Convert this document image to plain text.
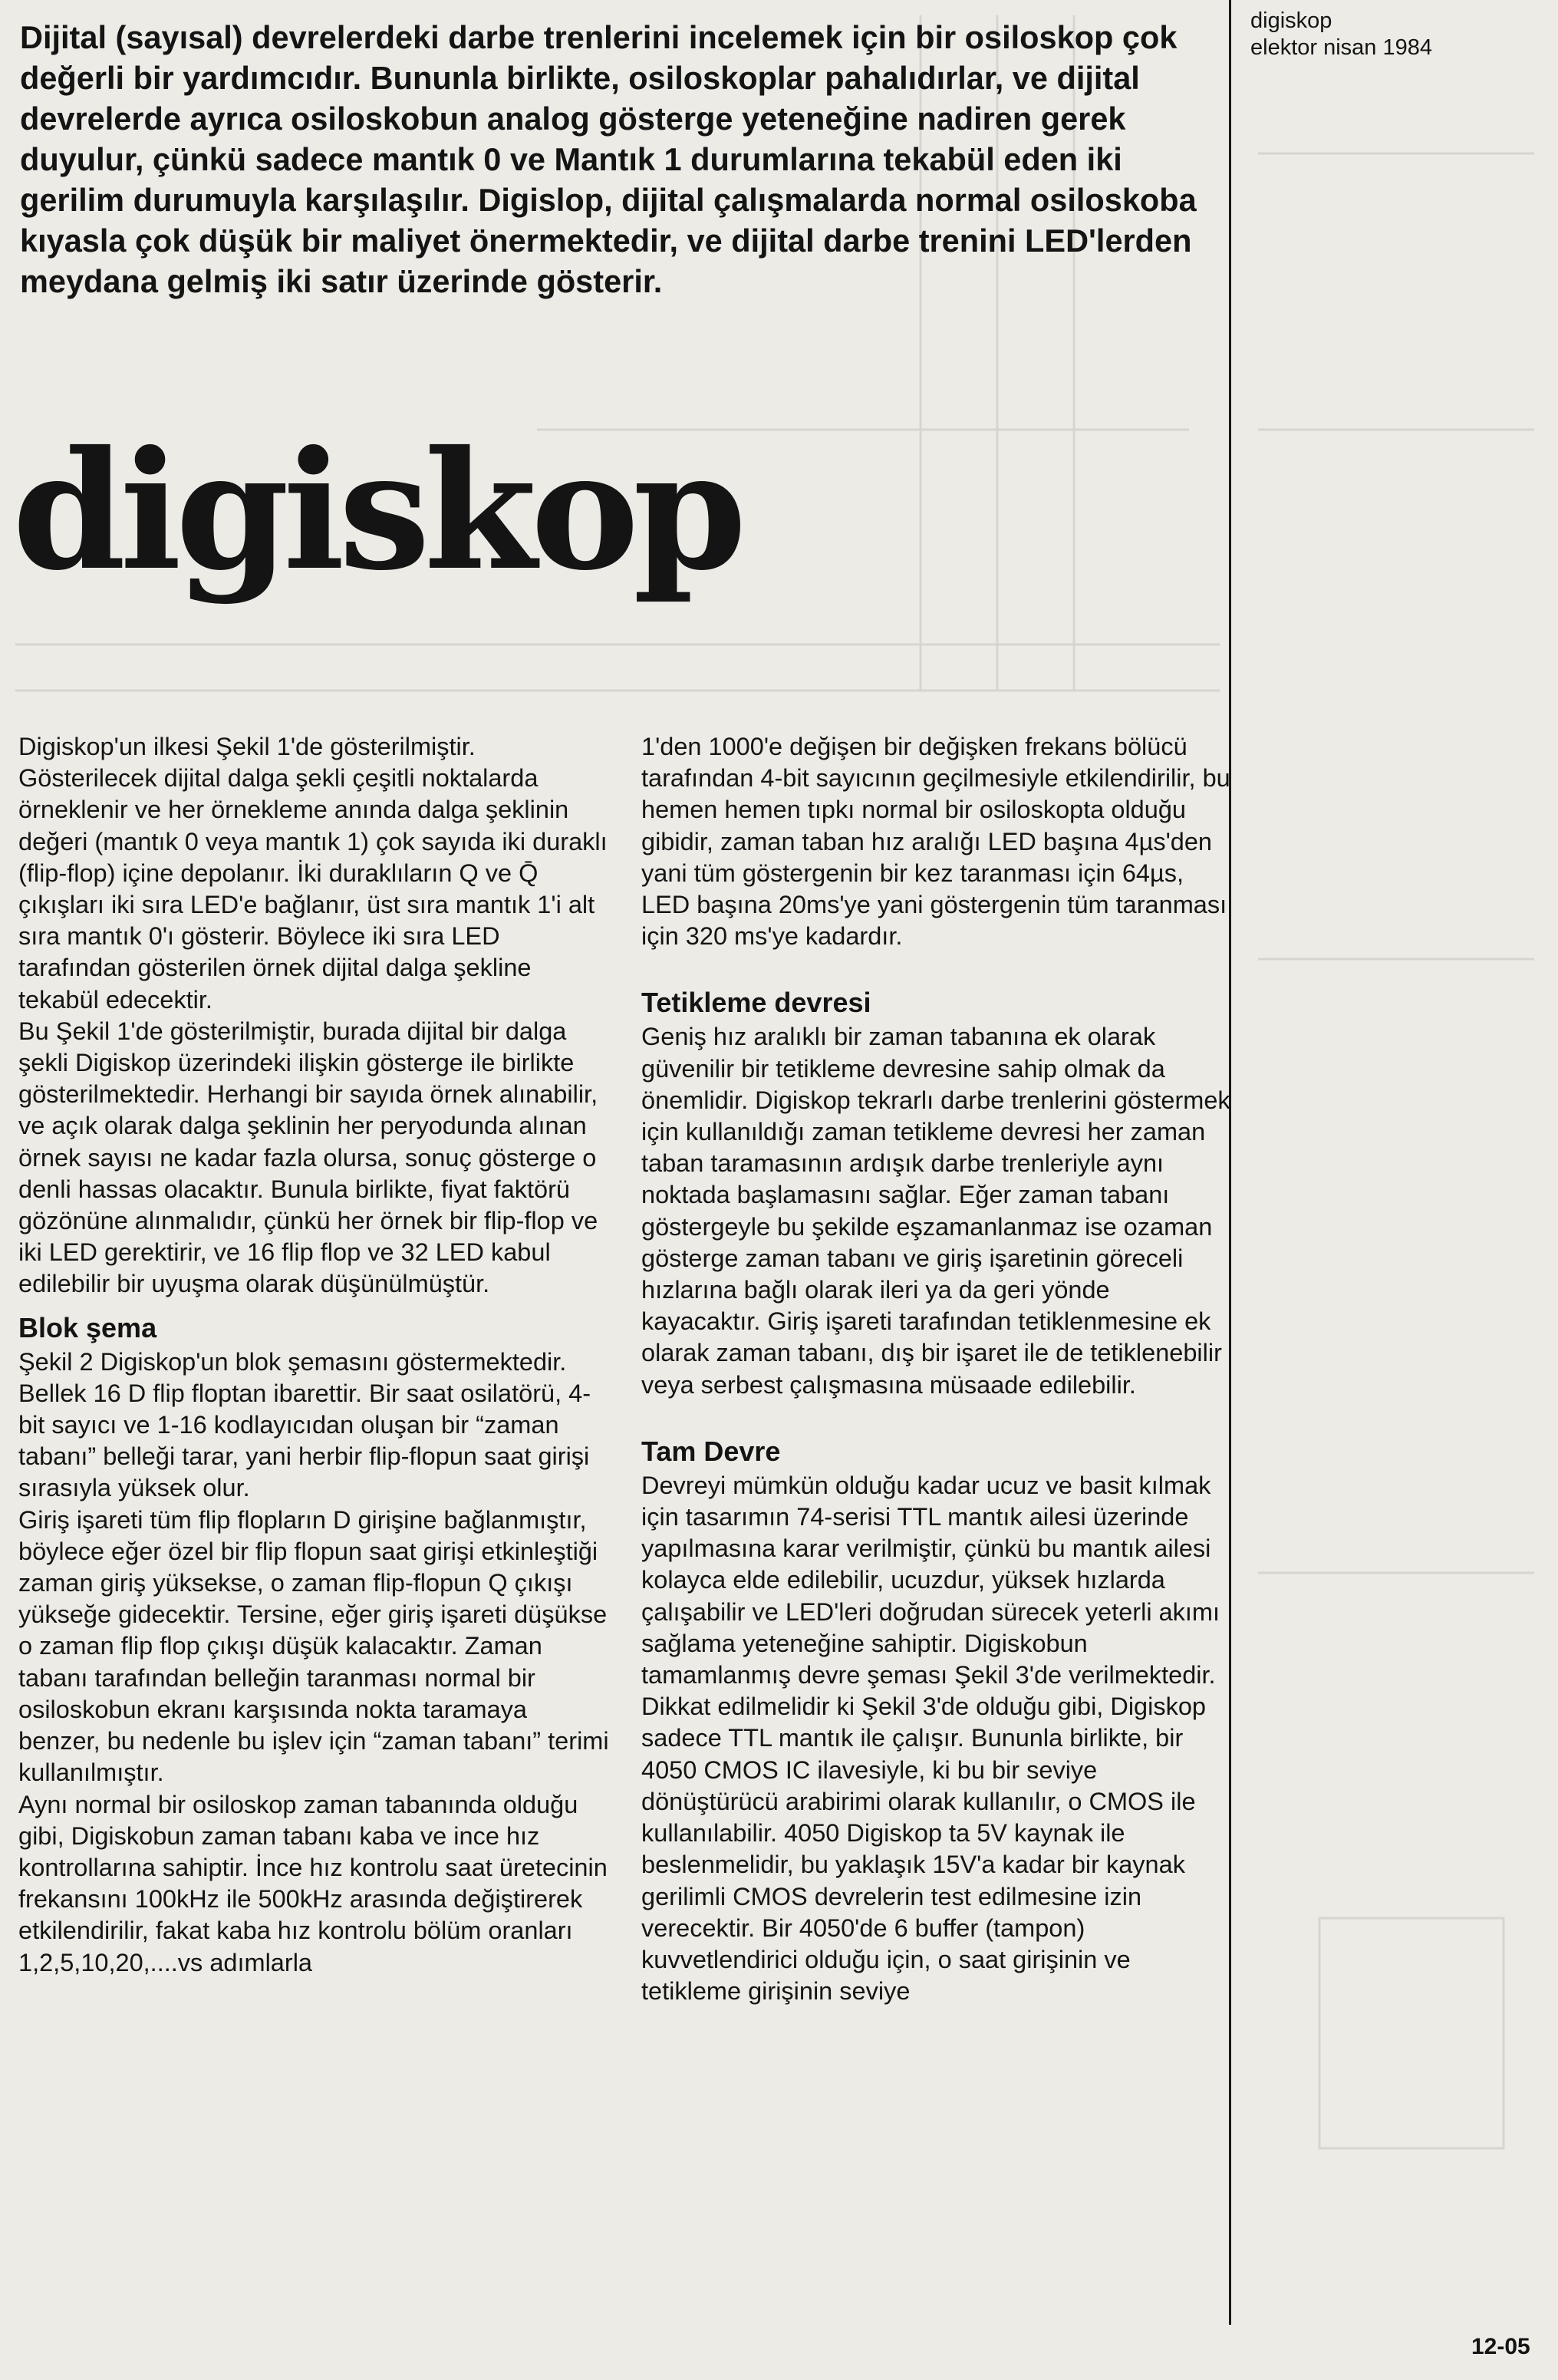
Dijital (sayısal) devrelerdeki darbe trenlerini incelemek için bir osiloskop çok değerli bir yardımcıdır. Bununla birlikte, osiloskoplar pahalıdırlar, ve dijital devrelerde ayrıca osiloskobun analog gösterge yeteneğine nadiren gerek duyulur, çünkü sadece mantık 0 ve Mantık 1 durumlarına tekabül eden iki gerilim durumuyla karşılaşılır. Digislop, dijital çalışmalarda normal osiloskoba kıyasla çok düşük bir maliyet önermektedir, ve dijital darbe trenini LED'lerden meydana gelmiş iki satır üzerinde gösterir.

digiskop
elektor nisan 1984
digiskop

Digiskop'un ilkesi Şekil 1'de gösterilmiştir. Gösterilecek dijital dalga şekli çeşitli noktalarda örneklenir ve her örnekleme anında dalga şeklinin değeri (mantık 0 veya mantık 1) çok sayıda iki duraklı (flip-flop) içine depolanır. İki duraklıların Q ve Q̄ çıkışları iki sıra LED'e bağlanır, üst sıra mantık 1'i alt sıra mantık 0'ı gösterir. Böylece iki sıra LED tarafından gösterilen örnek dijital dalga şekline tekabül edecektir.

Bu Şekil 1'de gösterilmiştir, burada dijital bir dalga şekli Digiskop üzerindeki ilişkin gösterge ile birlikte gösterilmektedir. Herhangi bir sayıda örnek alınabilir, ve açık olarak dalga şeklinin her peryodunda alınan örnek sayısı ne kadar fazla olursa, sonuç gösterge o denli hassas olacaktır. Bunula birlikte, fiyat faktörü gözönüne alınmalıdır, çünkü her örnek bir flip-flop ve iki LED gerektirir, ve 16 flip flop ve 32 LED kabul edilebilir bir uyuşma olarak düşünülmüştür.

Blok şema

Şekil 2 Digiskop'un blok şemasını göstermektedir. Bellek 16 D flip floptan ibarettir. Bir saat osilatörü, 4-bit sayıcı ve 1-16 kodlayıcıdan oluşan bir “zaman tabanı” belleği tarar, yani herbir flip-flopun saat girişi sırasıyla yüksek olur.

Giriş işareti tüm flip flopların D girişine bağlanmıştır, böylece eğer özel bir flip flopun saat girişi etkinleştiği zaman giriş yüksekse, o zaman flip-flopun Q çıkışı yükseğe gidecektir. Tersine, eğer giriş işareti düşükse o zaman flip flop çıkışı düşük kalacaktır. Zaman tabanı tarafından belleğin taranması normal bir osiloskobun ekranı karşısında nokta taramaya benzer, bu nedenle bu işlev için “zaman tabanı” terimi kullanılmıştır.

Aynı normal bir osiloskop zaman tabanında olduğu gibi, Digiskobun zaman tabanı kaba ve ince hız kontrollarına sahiptir. İnce hız kontrolu saat üretecinin frekansını 100kHz ile 500kHz arasında değiştirerek etkilendirilir, fakat kaba hız kontrolu bölüm oranları 1,2,5,10,20,....vs adımlarla

1'den 1000'e değişen bir değişken frekans bölücü tarafından 4-bit sayıcının geçilmesiyle etkilendirilir, bu hemen hemen tıpkı normal bir osiloskopta olduğu gibidir, zaman taban hız aralığı LED başına 4µs'den yani tüm göstergenin bir kez taranması için 64µs, LED başına 20ms'ye yani göstergenin tüm taranması için 320 ms'ye kadardır.

Tetikleme devresi

Geniş hız aralıklı bir zaman tabanına ek olarak güvenilir bir tetikleme devresine sahip olmak da önemlidir. Digiskop tekrarlı darbe trenlerini göstermek için kullanıldığı zaman tetikleme devresi her zaman taban taramasının ardışık darbe trenleriyle aynı noktada başlamasını sağlar. Eğer zaman tabanı göstergeyle bu şekilde eşzamanlanmaz ise ozaman gösterge zaman tabanı ve giriş işaretinin göreceli hızlarına bağlı olarak ileri ya da geri yönde kayacaktır. Giriş işareti tarafından tetiklenmesine ek olarak zaman tabanı, dış bir işaret ile de tetiklenebilir veya serbest çalışmasına müsaade edilebilir.

Tam Devre

Devreyi mümkün olduğu kadar ucuz ve basit kılmak için tasarımın 74-serisi TTL mantık ailesi üzerinde yapılmasına karar verilmiştir, çünkü bu mantık ailesi kolayca elde edilebilir, ucuzdur, yüksek hızlarda çalışabilir ve LED'leri doğrudan sürecek yeterli akımı sağlama yeteneğine sahiptir. Digiskobun tamamlanmış devre şeması Şekil 3'de verilmektedir.

Dikkat edilmelidir ki Şekil 3'de olduğu gibi, Digiskop sadece TTL mantık ile çalışır. Bununla birlikte, bir 4050 CMOS IC ilavesiyle, ki bu bir seviye dönüştürücü arabirimi olarak kullanılır, o CMOS ile kullanılabilir. 4050 Digiskop ta 5V kaynak ile beslenmelidir, bu yaklaşık 15V'a kadar bir kaynak gerilimli CMOS devrelerin test edilmesine izin verecektir. Bir 4050'de 6 buffer (tampon) kuvvetlendirici olduğu için, o saat girişinin ve tetikleme girişinin seviye

12-05
